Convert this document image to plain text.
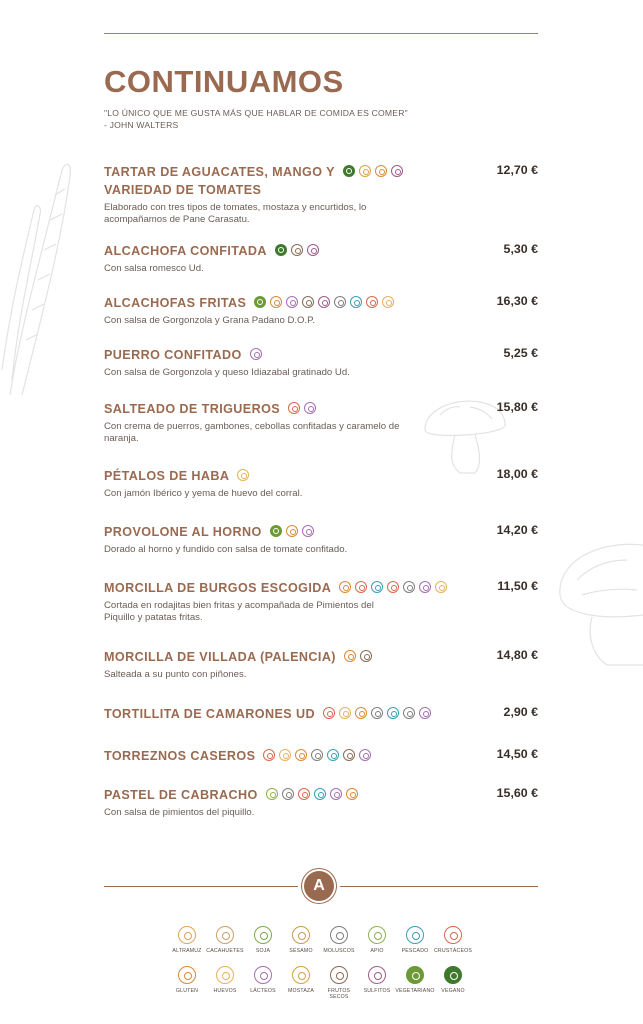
CONTINUAMOS
"LO ÚNICO QUE ME GUSTA MÁS QUE HABLAR DE COMIDA ES COMER"
- JOHN WALTERS
TARTAR DE AGUACATES, MANGO Y

VARIEDAD DE TOMATES
12,70 €
Elaborado con tres tipos de tomates, mostaza y encurtidos, lo acompañamos de Pane Carasatu.
ALCACHOFA CONFITADA	5,30 €
Con salsa romesco Ud.
ALCACHOFAS FRITAS	16,30 €
Con salsa de Gorgonzola y Grana Padano D.O.P.
PUERRO CONFITADO	5,25 €
Con salsa de Gorgonzola y queso Idiazabal gratinado Ud.
SALTEADO DE TRIGUEROS	15,80 €
Con crema de puerros, gambones, cebollas confitadas y caramelo de naranja.
PÉTALOS DE HABA	18,00 €
Con jamón Ibérico y yema de huevo del corral.
PROVOLONE AL HORNO	14,20 €
Dorado al horno y fundido con salsa de tomate confitado.
MORCILLA DE BURGOS ESCOGIDA	11,50 €
Cortada en rodajitas bien fritas y acompañada de Pimientos del Piquillo y patatas fritas.
MORCILLA DE VILLADA (PALENCIA)	14,80 €
Salteada a su punto con piñones.
TORTILLITA DE CAMARONES UD	2,90 €
TORREZNOS CASEROS	14,50 €
PASTEL DE CABRACHO	15,60 €
Con salsa de pimientos del piquillo.
A
ALTRAMUZ CACAHUETES SOJA	SÉSAMO MOLUSCOS	APIO	PESCADO CRUSTÁCEOS
GLUTEN	HUEVOS	LÁCTEOS MOSTAZA	FRUTOS SECOS
SULFITOS VEGETARIANO VEGANO
